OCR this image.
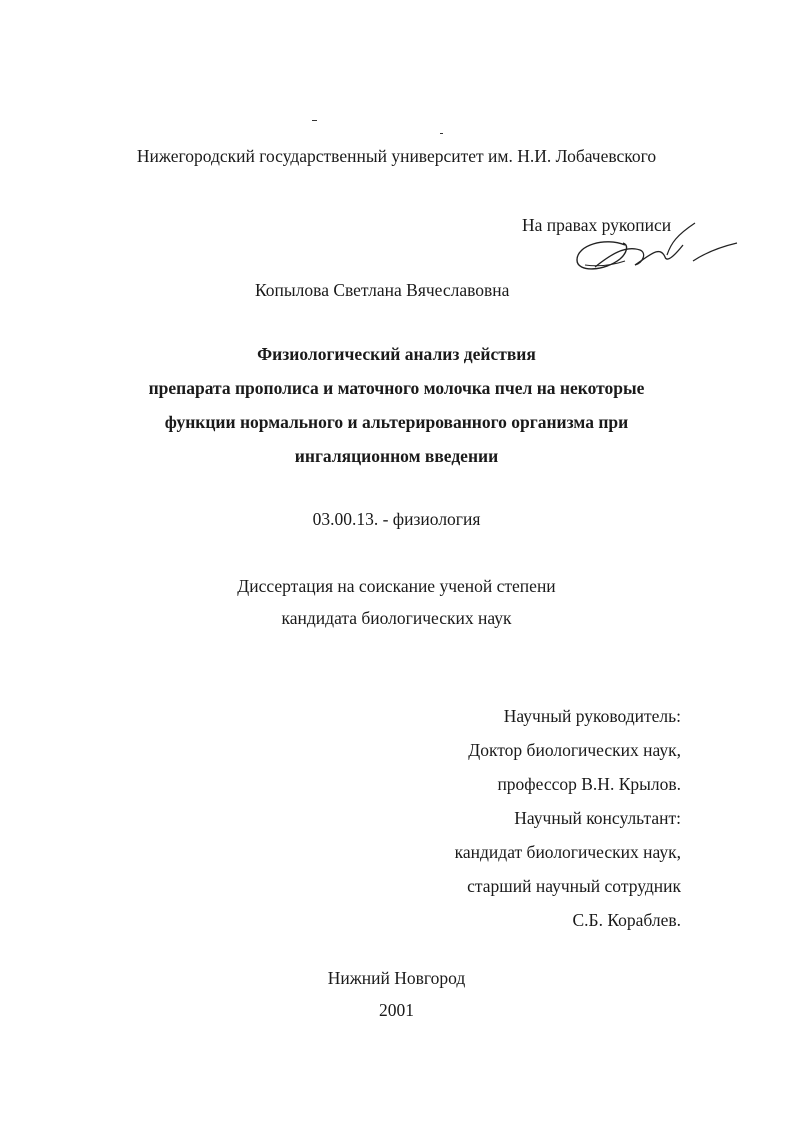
Нижегородский государственный университет им. Н.И. Лобачевского
На правах рукописи
Копылова Светлана Вячеславовна
Физиологический анализ действия
препарата прополиса и маточного молочка пчел на некоторые
функции нормального и альтерированного организма при
ингаляционном введении
03.00.13. - физиология
Диссертация на соискание ученой степени
кандидата биологических наук
Научный руководитель:
Доктор биологических наук,
профессор В.Н. Крылов.
Научный консультант:
кандидат биологических наук,
старший научный сотрудник
С.Б. Кораблев.
Нижний Новгород
2001
